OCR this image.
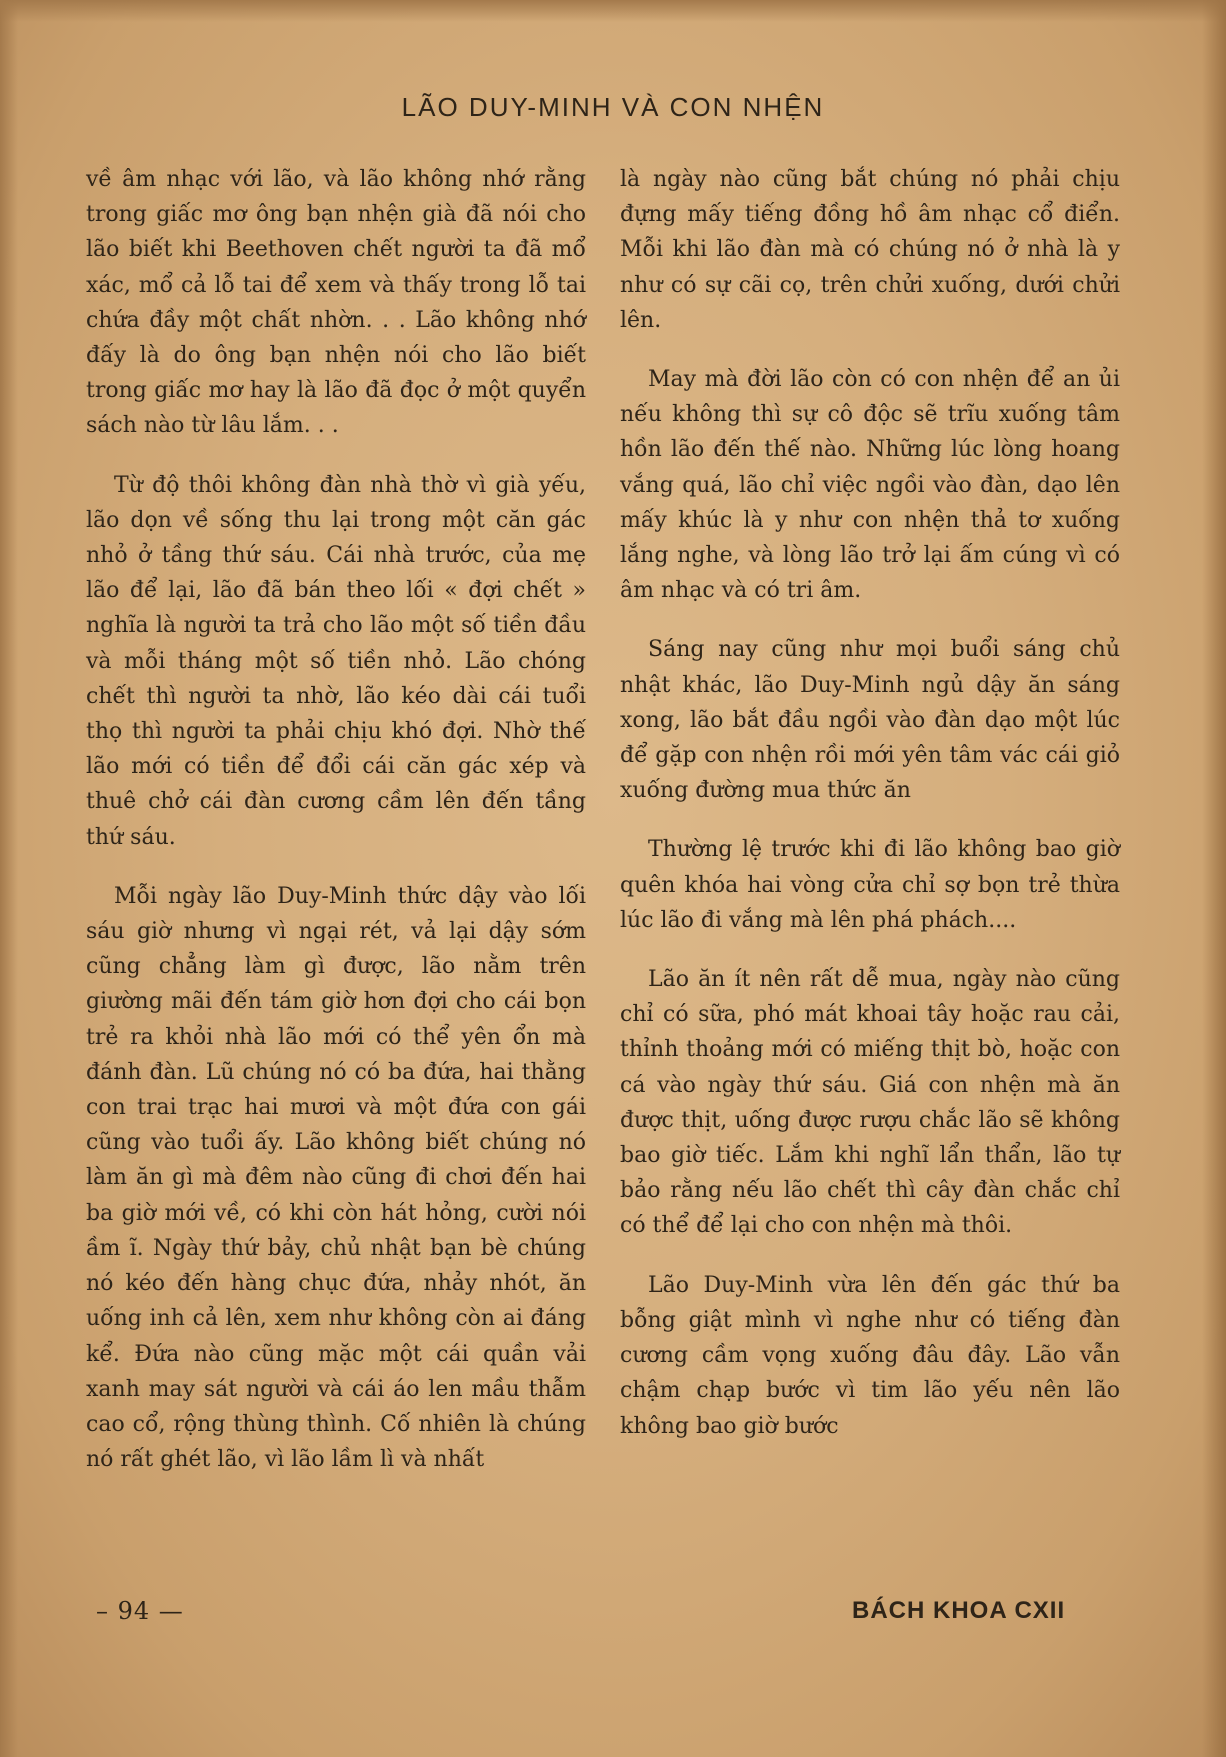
LÃO DUY-MINH VÀ CON NHỆN

về âm nhạc với lão, và lão không nhớ rằng trong giấc mơ ông bạn nhện già đã nói cho lão biết khi Beethoven chết người ta đã mổ xác, mổ cả lỗ tai để xem và thấy trong lỗ tai chứa đầy một chất nhờn. . . Lão không nhớ đấy là do ông bạn nhện nói cho lão biết trong giấc mơ hay là lão đã đọc ở một quyển sách nào từ lâu lắm. . .

Từ độ thôi không đàn nhà thờ vì già yếu, lão dọn về sống thu lại trong một căn gác nhỏ ở tầng thứ sáu. Cái nhà trước, của mẹ lão để lại, lão đã bán theo lối « đợi chết » nghĩa là người ta trả cho lão một số tiền đầu và mỗi tháng một số tiền nhỏ. Lão chóng chết thì người ta nhờ, lão kéo dài cái tuổi thọ thì người ta phải chịu khó đợi. Nhờ thế lão mới có tiền để đổi cái căn gác xép và thuê chở cái đàn cương cầm lên đến tầng thứ sáu.

Mỗi ngày lão Duy-Minh thức dậy vào lối sáu giờ nhưng vì ngại rét, vả lại dậy sớm cũng chẳng làm gì được, lão nằm trên giường mãi đến tám giờ hơn đợi cho cái bọn trẻ ra khỏi nhà lão mới có thể yên ổn mà đánh đàn. Lũ chúng nó có ba đứa, hai thằng con trai trạc hai mươi và một đứa con gái cũng vào tuổi ấy. Lão không biết chúng nó làm ăn gì mà đêm nào cũng đi chơi đến hai ba giờ mới về, có khi còn hát hỏng, cười nói ầm ĩ. Ngày thứ bảy, chủ nhật bạn bè chúng nó kéo đến hàng chục đứa, nhảy nhót, ăn uống inh cả lên, xem như không còn ai đáng kể. Đứa nào cũng mặc một cái quần vải xanh may sát người và cái áo len mầu thẫm cao cổ, rộng thùng thình. Cố nhiên là chúng nó rất ghét lão, vì lão lầm lì và nhất

là ngày nào cũng bắt chúng nó phải chịu đựng mấy tiếng đồng hồ âm nhạc cổ điển. Mỗi khi lão đàn mà có chúng nó ở nhà là y như có sự cãi cọ, trên chửi xuống, dưới chửi lên.

May mà đời lão còn có con nhện để an ủi nếu không thì sự cô độc sẽ trĩu xuống tâm hồn lão đến thế nào. Những lúc lòng hoang vắng quá, lão chỉ việc ngồi vào đàn, dạo lên mấy khúc là y như con nhện thả tơ xuống lắng nghe, và lòng lão trở lại ấm cúng vì có âm nhạc và có tri âm.

Sáng nay cũng như mọi buổi sáng chủ nhật khác, lão Duy-Minh ngủ dậy ăn sáng xong, lão bắt đầu ngồi vào đàn dạo một lúc để gặp con nhện rồi mới yên tâm vác cái giỏ xuống đường mua thức ăn

Thường lệ trước khi đi lão không bao giờ quên khóa hai vòng cửa chỉ sợ bọn trẻ thừa lúc lão đi vắng mà lên phá phách....

Lão ăn ít nên rất dễ mua, ngày nào cũng chỉ có sữa, phó mát khoai tây hoặc rau cải, thỉnh thoảng mới có miếng thịt bò, hoặc con cá vào ngày thứ sáu. Giá con nhện mà ăn được thịt, uống được rượu chắc lão sẽ không bao giờ tiếc. Lắm khi nghĩ lẩn thẩn, lão tự bảo rằng nếu lão chết thì cây đàn chắc chỉ có thể để lại cho con nhện mà thôi.

Lão Duy-Minh vừa lên đến gác thứ ba bỗng giật mình vì nghe như có tiếng đàn cương cầm vọng xuống đâu đây. Lão vẫn chậm chạp bước vì tim lão yếu nên lão không bao giờ bước

– 94 —	BÁCH KHOA CXII
